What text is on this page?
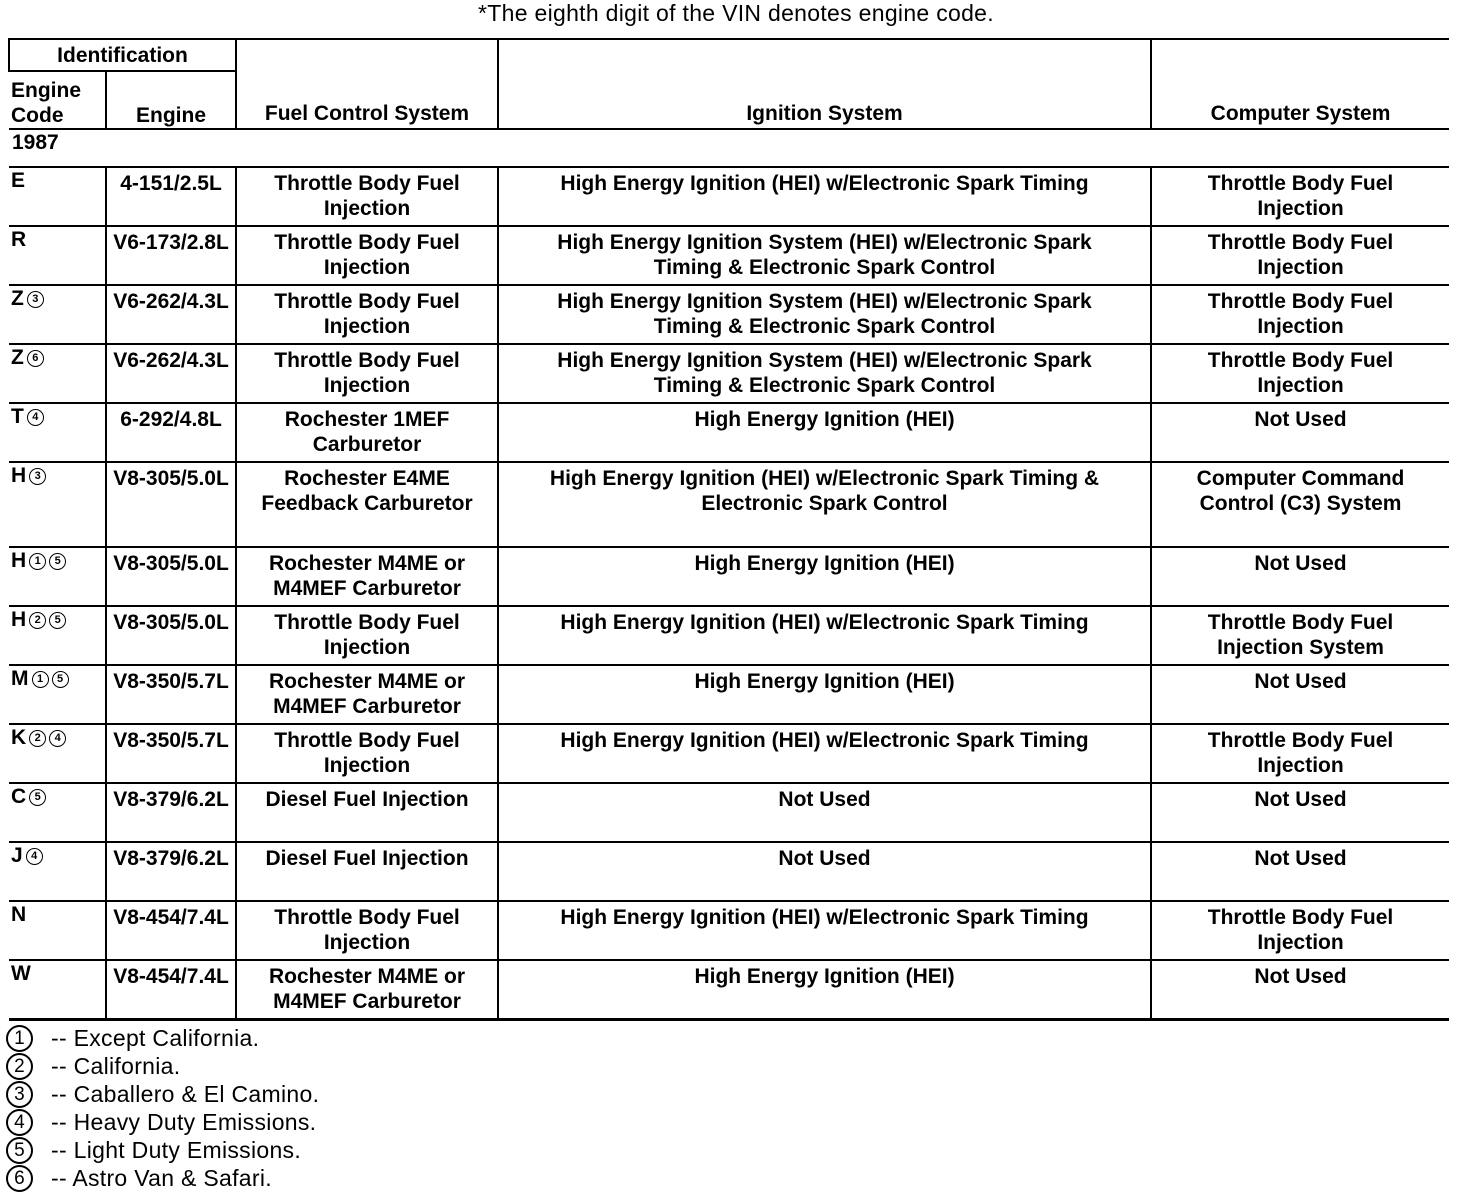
*The eighth digit of the VIN denotes engine code.
Identification		Fuel Control System	Ignition System	Computer System
Engine Code	Engine			
1987				
E	4-151/2.5L	Throttle Body Fuel Injection	High Energy Ignition (HEI) w/Electronic Spark Timing	Throttle Body Fuel Injection
R	V6-173/2.8L	Throttle Body Fuel Injection	High Energy Ignition System (HEI) w/Electronic Spark Timing & Electronic Spark Control	Throttle Body Fuel Injection
Z 3	V6-262/4.3L	Throttle Body Fuel Injection	High Energy Ignition System (HEI) w/Electronic Spark Timing & Electronic Spark Control	Throttle Body Fuel Injection
Z 6	V6-262/4.3L	Throttle Body Fuel Injection	High Energy Ignition System (HEI) w/Electronic Spark Timing & Electronic Spark Control	Throttle Body Fuel Injection
T 4	6-292/4.8L	Rochester 1MEF Carburetor	High Energy Ignition (HEI)	Not Used
H 3	V8-305/5.0L	Rochester E4ME Feedback Carburetor	High Energy Ignition (HEI) w/Electronic Spark Timing & Electronic Spark Control	Computer Command Control (C3) System
H 1 5	V8-305/5.0L	Rochester M4ME or M4MEF Carburetor	High Energy Ignition (HEI)	Not Used
H 2 5	V8-305/5.0L	Throttle Body Fuel Injection	High Energy Ignition (HEI) w/Electronic Spark Timing	Throttle Body Fuel Injection System
M 1 5	V8-350/5.7L	Rochester M4ME or M4MEF Carburetor	High Energy Ignition (HEI)	Not Used
K 2 4	V8-350/5.7L	Throttle Body Fuel Injection	High Energy Ignition (HEI) w/Electronic Spark Timing	Throttle Body Fuel Injection
C 5	V8-379/6.2L	Diesel Fuel Injection	Not Used	Not Used
J 4	V8-379/6.2L	Diesel Fuel Injection	Not Used	Not Used
N	V8-454/7.4L	Throttle Body Fuel Injection	High Energy Ignition (HEI) w/Electronic Spark Timing	Throttle Body Fuel Injection
W	V8-454/7.4L	Rochester M4ME or M4MEF Carburetor	High Energy Ignition (HEI)	Not Used
1	-- Except California.
2	-- California.
3	-- Caballero & El Camino.
4	-- Heavy Duty Emissions.
5	-- Light Duty Emissions.
6	-- Astro Van & Safari.
